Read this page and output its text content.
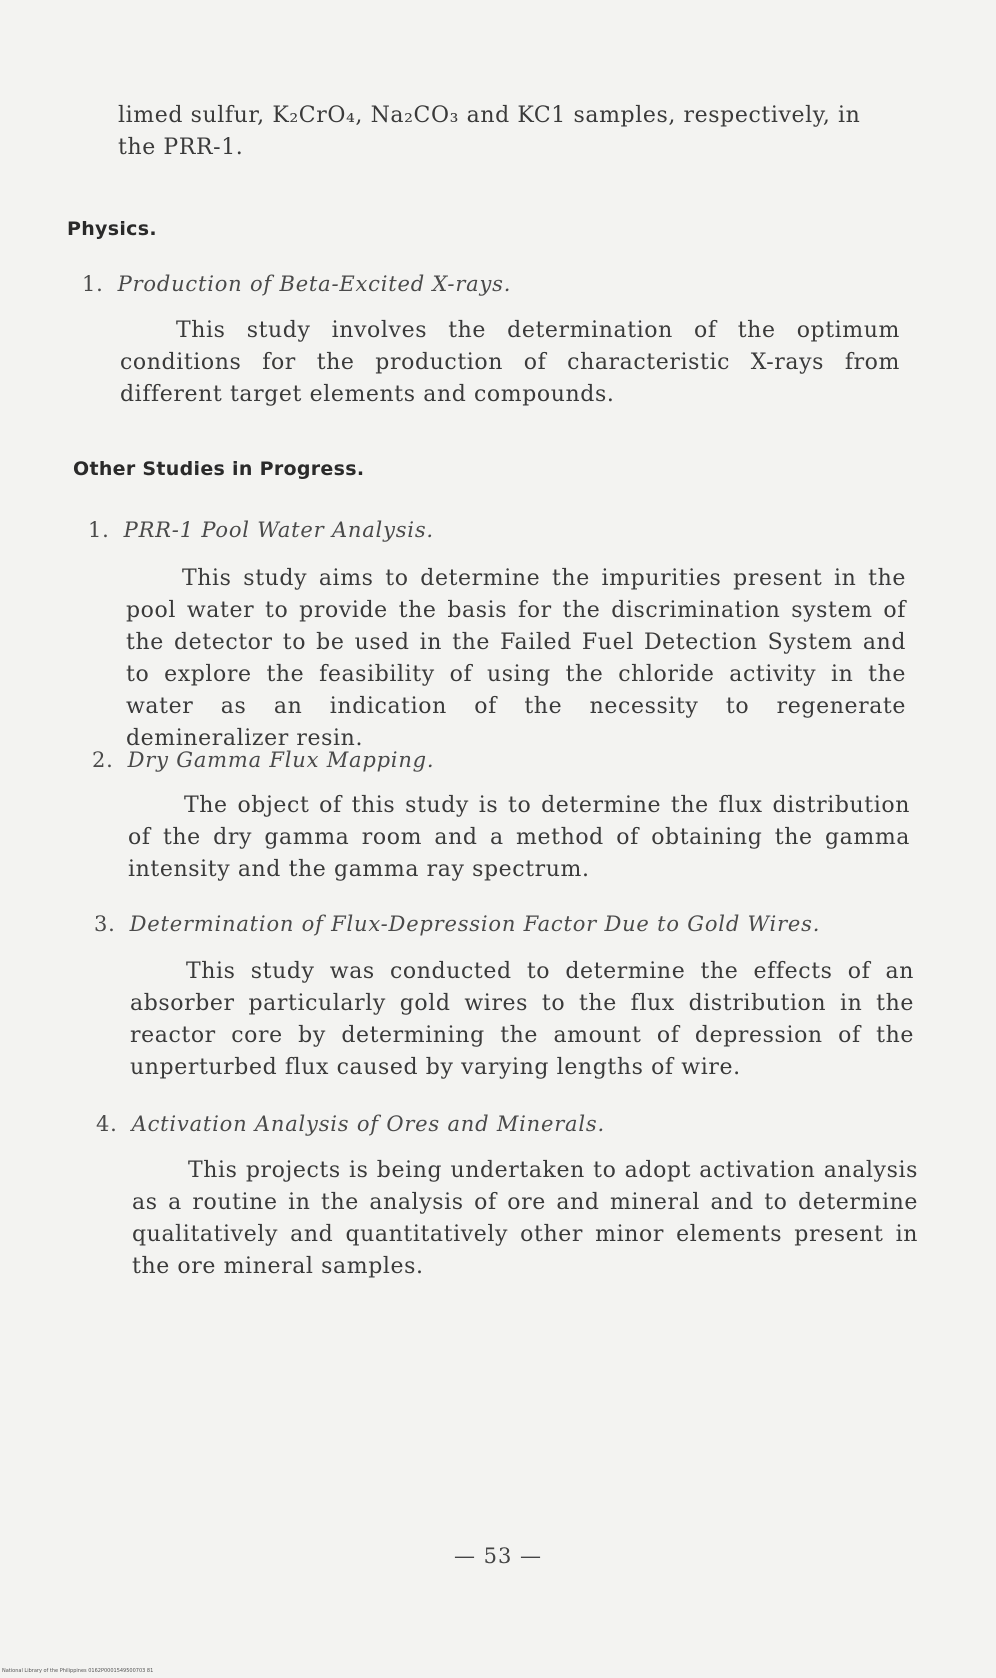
limed sulfur, K₂CrO₄, Na₂CO₃ and KC1 samples, respectively, in
the PRR-1.

Physics.
1. Production of Beta-Excited X-rays.

This study involves the determination of the optimum conditions for the production of characteristic X-rays from different target elements and compounds.

Other Studies in Progress.
1. PRR-1 Pool Water Analysis.

This study aims to determine the impurities present in the pool water to provide the basis for the discrimination system of the detector to be used in the Failed Fuel Detection System and to explore the feasibility of using the chloride activity in the water as an indication of the necessity to regenerate demineralizer resin.

2. Dry Gamma Flux Mapping.

The object of this study is to determine the flux distribution of the dry gamma room and a method of obtaining the gamma intensity and the gamma ray spectrum.

3. Determination of Flux-Depression Factor Due to Gold Wires.

This study was conducted to determine the effects of an absorber particularly gold wires to the flux distribution in the reactor core by determining the amount of depression of the unperturbed flux caused by varying lengths of wire.

4. Activation Analysis of Ores and Minerals.

This projects is being undertaken to adopt activation analysis as a routine in the analysis of ore and mineral and to determine qualitatively and quantitatively other minor elements present in the ore mineral samples.

— 53 —
National Library of the Philippines 0162P0001549500703 81
